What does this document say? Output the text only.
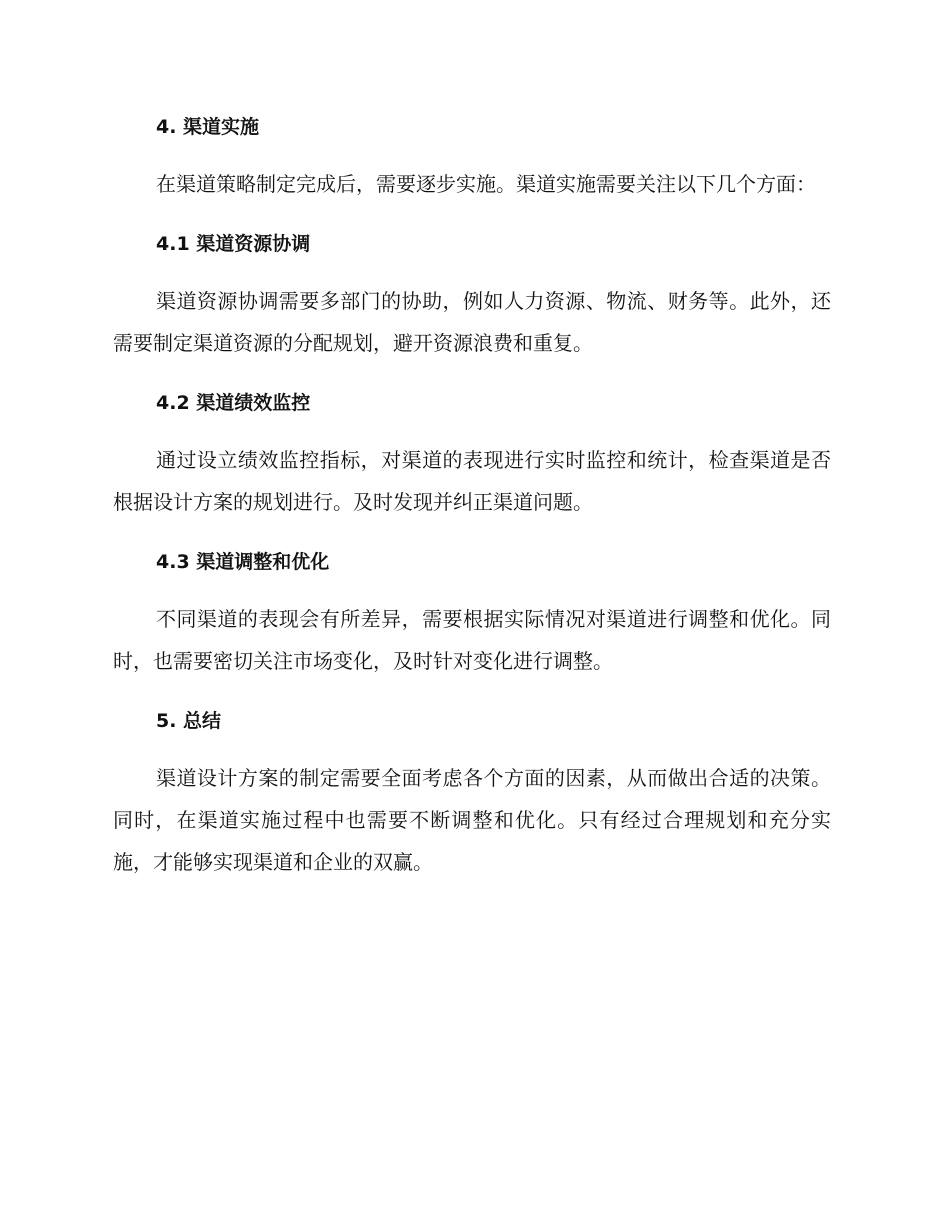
4. 渠道实施

在渠道策略制定完成后，需要逐步实施。渠道实施需要关注以下几个方面：

4.1 渠道资源协调

渠道资源协调需要多部门的协助，例如人力资源、物流、财务等。此外，还需要制定渠道资源的分配规划，避开资源浪费和重复。

4.2 渠道绩效监控

通过设立绩效监控指标，对渠道的表现进行实时监控和统计，检查渠道是否根据设计方案的规划进行。及时发现并纠正渠道问题。

4.3 渠道调整和优化

不同渠道的表现会有所差异，需要根据实际情况对渠道进行调整和优化。同时，也需要密切关注市场变化，及时针对变化进行调整。

5. 总结

渠道设计方案的制定需要全面考虑各个方面的因素，从而做出合适的决策。同时，在渠道实施过程中也需要不断调整和优化。只有经过合理规划和充分实施，才能够实现渠道和企业的双赢。
